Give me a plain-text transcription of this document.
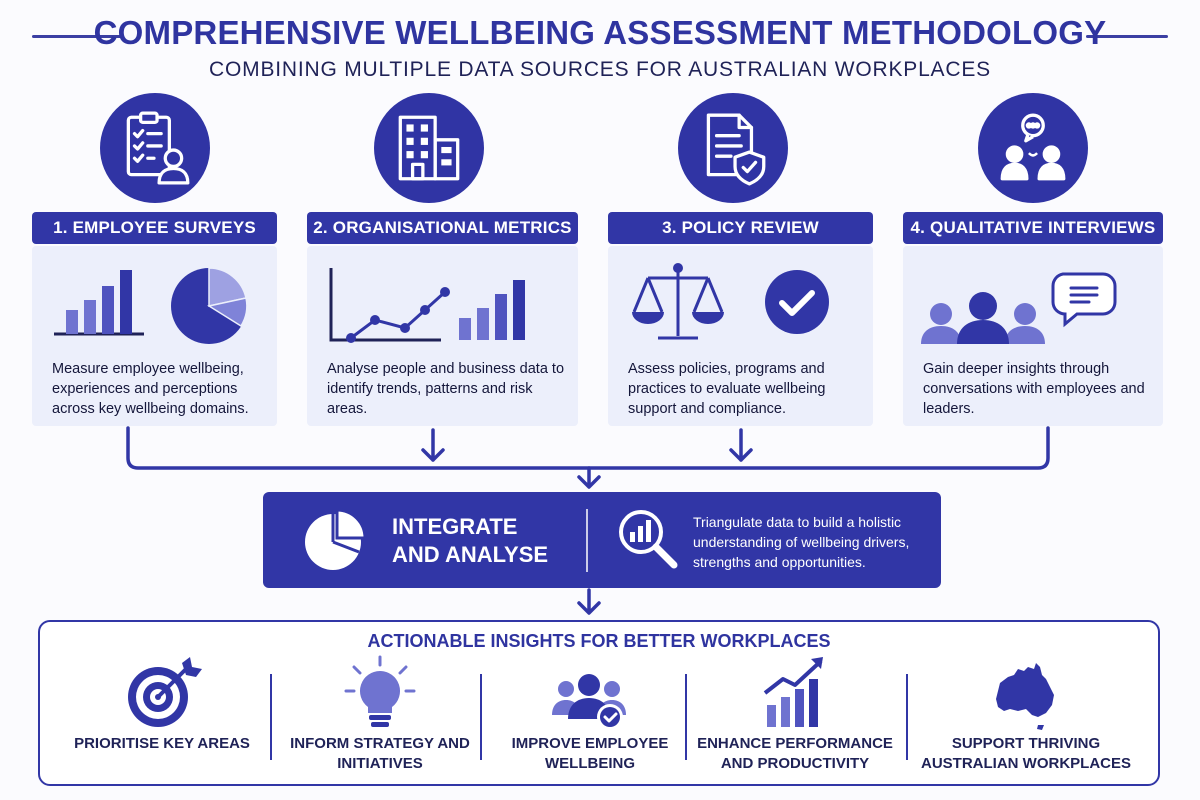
COMPREHENSIVE WELLBEING ASSESSMENT METHODOLOGY
COMBINING MULTIPLE DATA SOURCES FOR AUSTRALIAN WORKPLACES
1. EMPLOYEE SURVEYS	2. ORGANISATIONAL METRICS	3. POLICY REVIEW	4. QUALITATIVE INTERVIEWS
Measure employee wellbeing, experiences and perceptions across key wellbeing domains.
Analyse people and business data to identify trends, patterns and risk areas.
Assess policies, programs and practices to evaluate wellbeing support and compliance.
Gain deeper insights through conversations with employees and leaders.
INTEGRATE AND ANALYSE
Triangulate data to build a holistic understanding of wellbeing drivers, strengths and opportunities.
ACTIONABLE INSIGHTS FOR BETTER WORKPLACES
PRIORITISE KEY AREAS	INFORM STRATEGY AND INITIATIVES
IMPROVE EMPLOYEE WELLBEING
ENHANCE PERFORMANCE AND PRODUCTIVITY
SUPPORT THRIVING AUSTRALIAN WORKPLACES
